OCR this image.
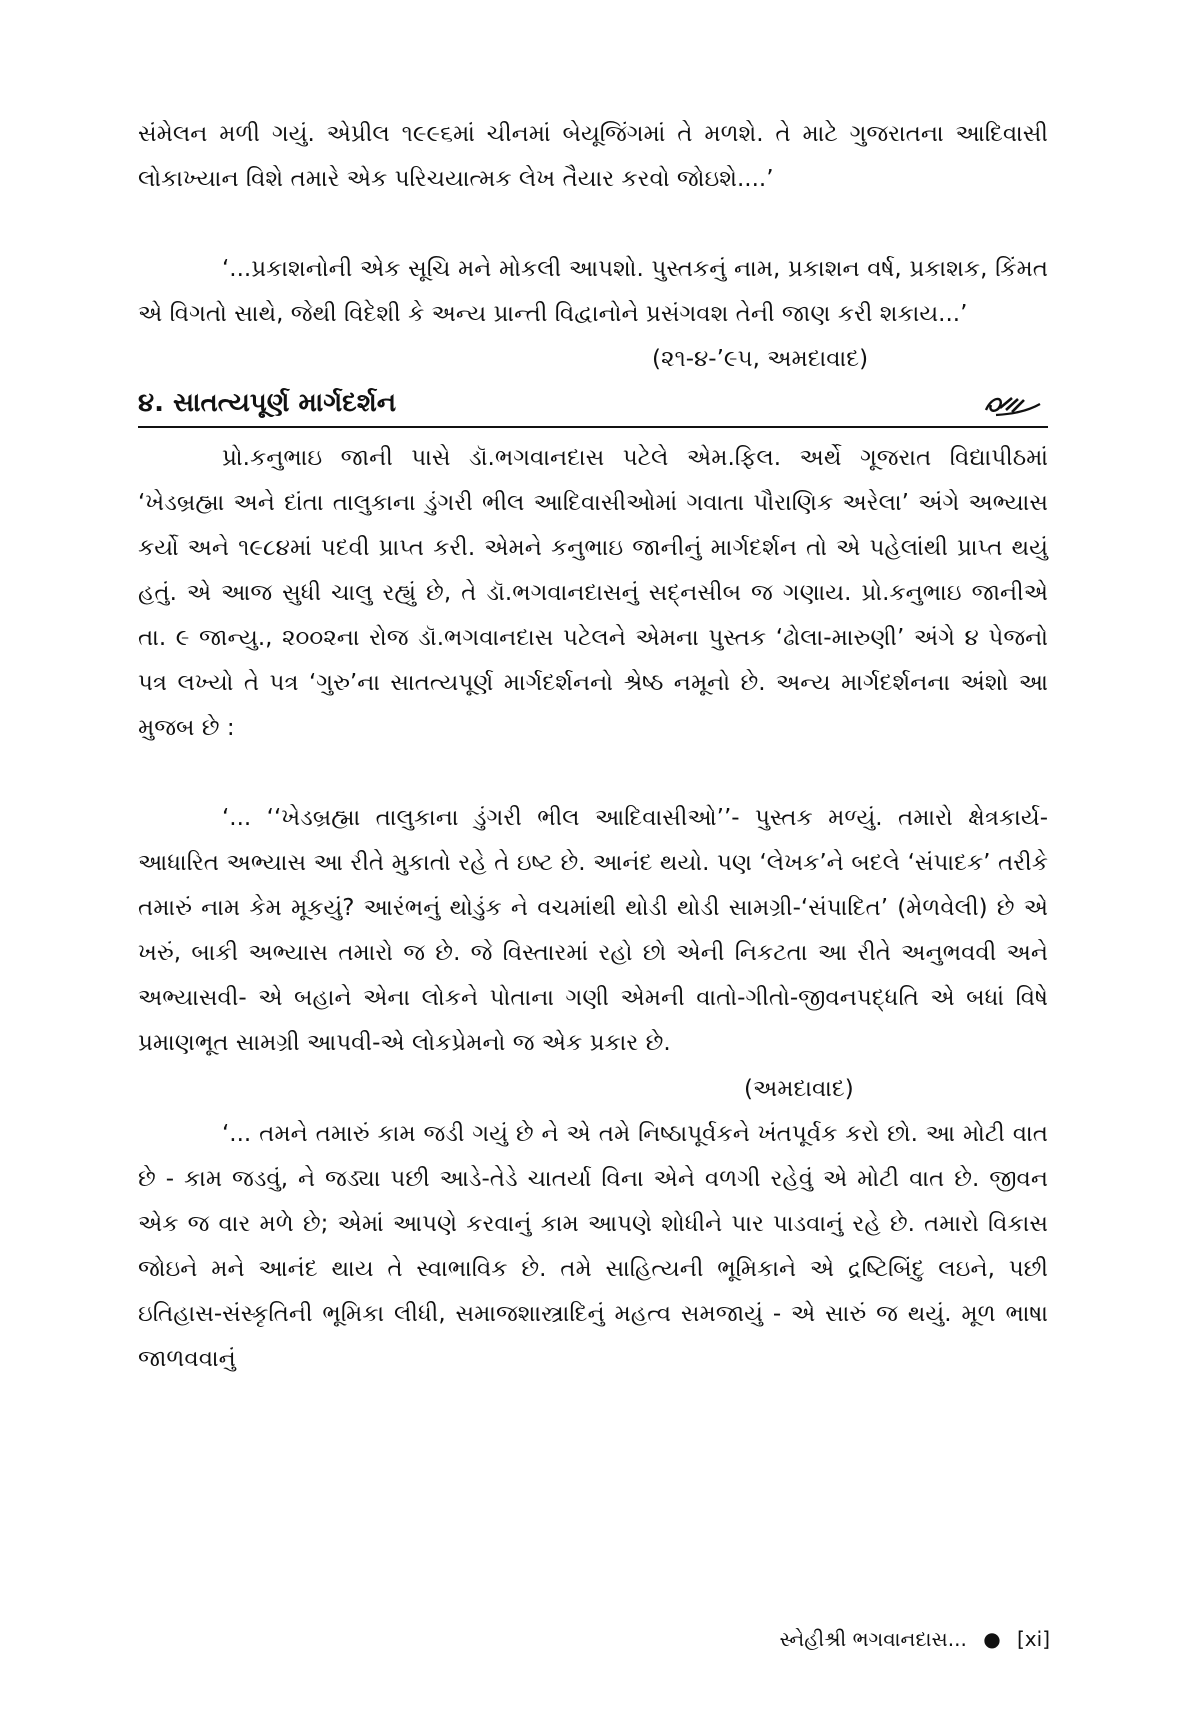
સંમેલન મળી ગયું. એપ્રીલ ૧૯૯૬માં ચીનમાં બેયૂજિંગમાં તે મળશે. તે માટે ગુજરાતના આદિવાસી લોકાખ્યાન વિશે તમારે એક પરિચયાત્મક લેખ તૈયાર કરવો જોઇશે....’

‘...પ્રકાશનોની એક સૂચિ મને મોકલી આપશો. પુસ્તકનું નામ, પ્રકાશન વર્ષ, પ્રકાશક, કિંમત એ વિગતો સાથે, જેથી વિદેશી કે અન્ય પ્રાન્તી વિદ્વાનોને પ્રસંગવશ તેની જાણ કરી શકાય...’

(૨૧-૪-’૯૫, અમદાવાદ)
૪. સાતત્યપૂર્ણ માર્ગદર્શન

પ્રો.કનુભાઇ જાની પાસે ડૉ.ભગવાનદાસ પટેલે એમ.ફિલ. અર્થે ગૂજરાત વિદ્યાપીઠમાં ‘ખેડબ્રહ્મા અને દાંતા તાલુકાના ડુંગરી ભીલ આદિવાસીઓમાં ગવાતા પૌરાણિક અરેલા’ અંગે અભ્યાસ કર્યો અને ૧૯૮૪માં પદવી પ્રાપ્ત કરી. એમને કનુભાઇ જાનીનું માર્ગદર્શન તો એ પહેલાંથી પ્રાપ્ત થયું હતું. એ આજ સુધી ચાલુ રહ્યું છે, તે ડૉ.ભગવાનદાસનું સદ્નસીબ જ ગણાય. પ્રો.કનુભાઇ જાનીએ તા. ૯ જાન્યુ., ૨૦૦૨ના રોજ ડૉ.ભગવાનદાસ પટેલને એમના પુસ્તક ‘ઢોલા-મારુણી’ અંગે ૪ પેજનો પત્ર લખ્યો તે પત્ર ‘ગુરુ’ના સાતત્યપૂર્ણ માર્ગદર્શનનો શ્રેષ્ઠ નમૂનો છે. અન્ય માર્ગદર્શનના અંશો આ મુજબ છે :

‘... ‘‘ખેડબ્રહ્મા તાલુકાના ડુંગરી ભીલ આદિવાસીઓ’’- પુસ્તક મળ્યું. તમારો ક્ષેત્રકાર્ય-આધારિત અભ્યાસ આ રીતે મુકાતો રહે તે ઇષ્ટ છે. આનંદ થયો. પણ ‘લેખક’ને બદલે ‘સંપાદક’ તરીકે તમારું નામ કેમ મૂકયું? આરંભનું થોડુંક ને વચમાંથી થોડી થોડી સામગ્રી-‘સંપાદિત’ (મેળવેલી) છે એ ખરું, બાકી અભ્યાસ તમારો જ છે. જે વિસ્તારમાં રહો છો એની નિકટતા આ રીતે અનુભવવી અને અભ્યાસવી- એ બહાને એના લોકને પોતાના ગણી એમની વાતો-ગીતો-જીવનપદ્ધતિ એ બધાં વિષે પ્રમાણભૂત સામગ્રી આપવી-એ લોકપ્રેમનો જ એક પ્રકાર છે.

(અમદાવાદ)

‘... તમને તમારું કામ જડી ગયું છે ને એ તમે નિષ્ઠાપૂર્વકને ખંતપૂર્વક કરો છો. આ મોટી વાત છે - કામ જડવું, ને જડ્યા પછી આડે-તેડે ચાતર્યા વિના એને વળગી રહેવું એ મોટી વાત છે. જીવન એક જ વાર મળે છે; એમાં આપણે કરવાનું કામ આપણે શોધીને પાર પાડવાનું રહે છે. તમારો વિકાસ જોઇને મને આનંદ થાય તે સ્વાભાવિક છે. તમે સાહિત્યની ભૂમિકાને એ દ્રષ્ટિબિંદુ લઇને, પછી ઇતિહાસ-સંસ્કૃતિની ભૂમિકા લીધી, સમાજશાસ્ત્રાદિનું મહત્વ સમજાયું - એ સારું જ થયું. મૂળ ભાષા જાળવવાનું

સ્નેહીશ્રી ભગવાનદાસ... ● [xi]
